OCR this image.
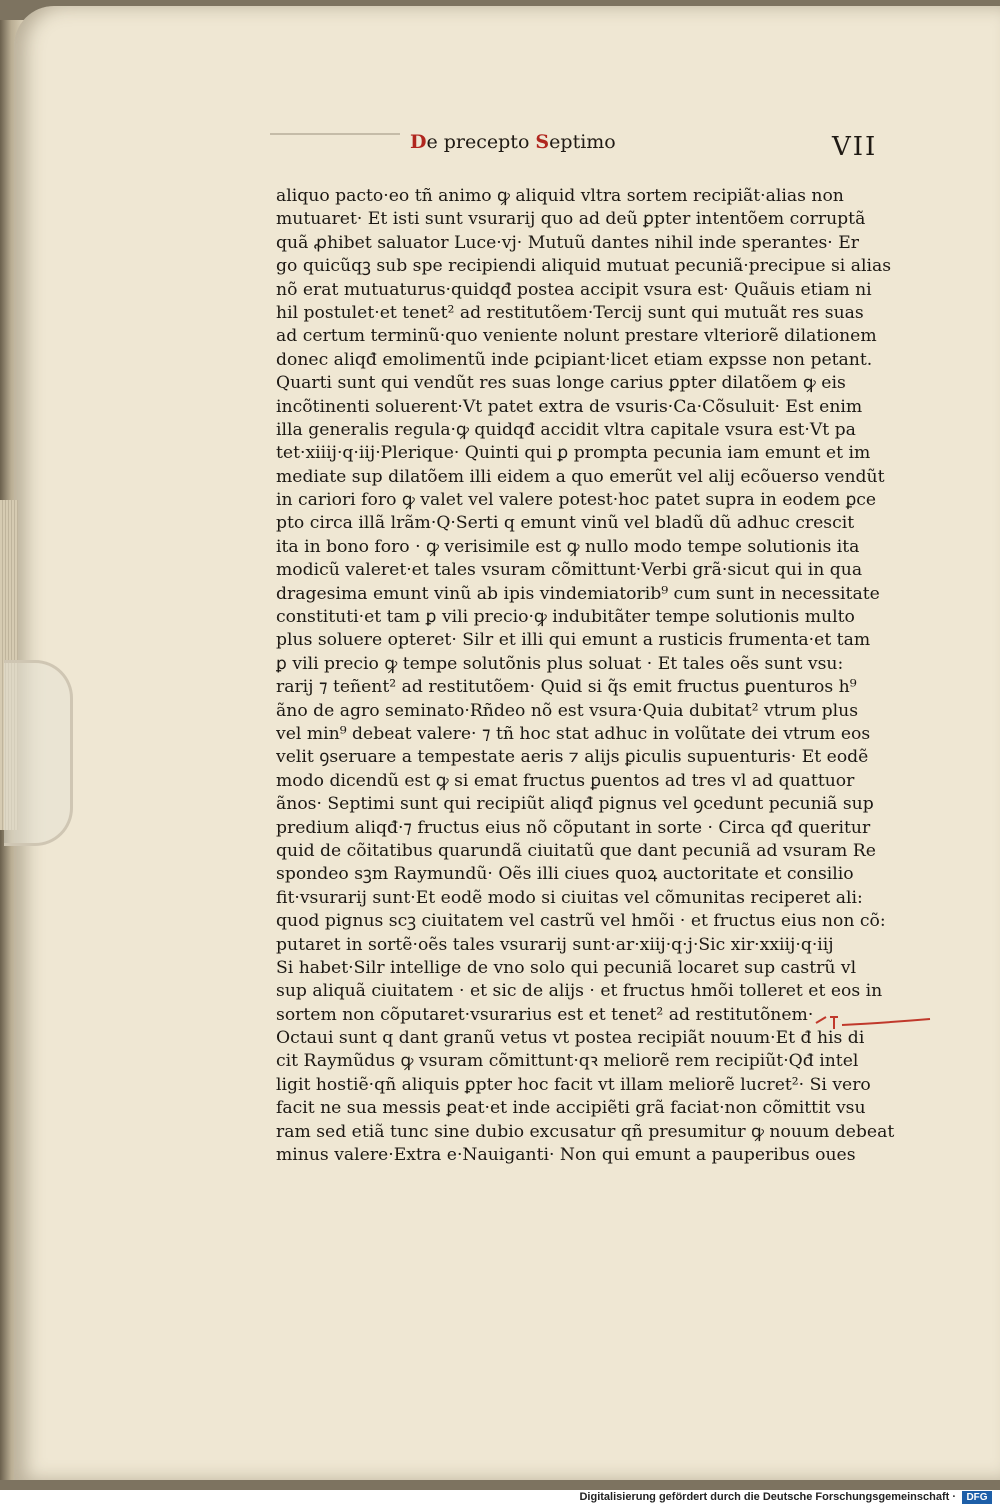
De precepto Septimo	VII
aliquo pacto·eo tñ animo ꝙ aliquid vltra sortem recipiãt·alias non
mutuaret· Et isti sunt vsurarij quo ad deũ ꝑpter intentõem corruptã
quã ꝓhibet saluator Luce·vj· Mutuũ dantes nihil inde sperantes· Er
go quicũqꝫ sub spe recipiendi aliquid mutuat pecuniã·precipue si alias
nõ erat mutuaturus·quidqđ postea accipit vsura est· Quãuis etiam ni
hil postulet·et tenet² ad restitutõem·Tercij sunt qui mutuãt res suas
ad certum terminũ·quo veniente nolunt prestare vlteriorẽ dilationem
donec aliqđ emolimentũ inde ꝑcipiant·licet etiam expsse non petant.
Quarti sunt qui vendũt res suas longe carius ꝑpter dilatõem ꝙ eis
incõtinenti soluerent·Vt patet extra de vsuris·Ca·Cõsuluit· Est enim
illa generalis regula·ꝙ quidqđ accidit vltra capitale vsura est·Vt pa
tet·xiiij·q·iij·Plerique· Quinti qui ꝑ prompta pecunia iam emunt et im
mediate sup dilatõem illi eidem a quo emerũt vel alij ecõuerso vendũt
in cariori foro ꝙ valet vel valere potest·hoc patet supra in eodem ꝑce
pto circa illã lrãm·Q·Serti q emunt vinũ vel bladũ dũ adhuc crescit
ita in bono foro · ꝙ verisimile est ꝙ nullo modo tempe solutionis ita
modicũ valeret·et tales vsuram cõmittunt·Verbi grã·sicut qui in qua
dragesima emunt vinũ ab ipis vindemiatorib⁹ cum sunt in necessitate
constituti·et tam ꝑ vili precio·ꝙ indubitãter tempe solutionis multo
plus soluere opteret· Silr et illi qui emunt a rusticis frumenta·et tam
ꝑ vili precio ꝙ tempe solutõnis plus soluat · Et tales oẽs sunt vsu:
rarij ⁊ teñent² ad restitutõem· Quid si q̃s emit fructus ꝑuenturos h⁹
ãno de agro seminato·Rñdeo nõ est vsura·Quia dubitat² vtrum plus
vel min⁹ debeat valere· ⁊ tñ hoc stat adhuc in volũtate dei vtrum eos
velit ꝯseruare a tempestate aeris ⁊ alijs ꝑiculis supuenturis· Et eodẽ
modo dicendũ est ꝙ si emat fructus ꝑuentos ad tres vl ad quattuor
ãnos· Septimi sunt qui recipiũt aliqđ pignus vel ꝯcedunt pecuniã sup
predium aliqđ·⁊ fructus eius nõ cõputant in sorte · Circa qđ queritur
quid de cõitatibus quarundã ciuitatũ que dant pecuniã ad vsuram Re
spondeo sꝫm Raymundũ· Oẽs illi ciues quoꝝ auctoritate et consilio
fit·vsurarij sunt·Et eodẽ modo si ciuitas vel cõmunitas reciperet ali:
quod pignus scꝫ ciuitatem vel castrũ vel hmõi · et fructus eius non cõ:
putaret in sortẽ·oẽs tales vsurarij sunt·ar·xiij·q·j·Sic xir·xxiij·q·iij
Si habet·Silr intellige de vno solo qui pecuniã locaret sup castrũ vl
sup aliquã ciuitatem · et sic de alijs · et fructus hmõi tolleret et eos in
sortem non cõputaret·vsurarius est et tenet² ad restitutõnem·
Octaui sunt q dant granũ vetus vt postea recipiãt nouum·Et đ his di
cit Raymũdus ꝙ vsuram cõmittunt·qꝛ meliorẽ rem recipiũt·Qđ intel
ligit hostiẽ·qñ aliquis ꝑpter hoc facit vt illam meliorẽ lucret²· Si vero
facit ne sua messis ꝑeat·et inde accipiẽti grã faciat·non cõmittit vsu
ram sed etiã tunc sine dubio excusatur qñ presumitur ꝙ nouum debeat
minus valere·Extra e·Nauiganti· Non qui emunt a pauperibus oues
Digitalisierung gefördert durch die Deutsche Forschungsgemeinschaft ·	DFG
